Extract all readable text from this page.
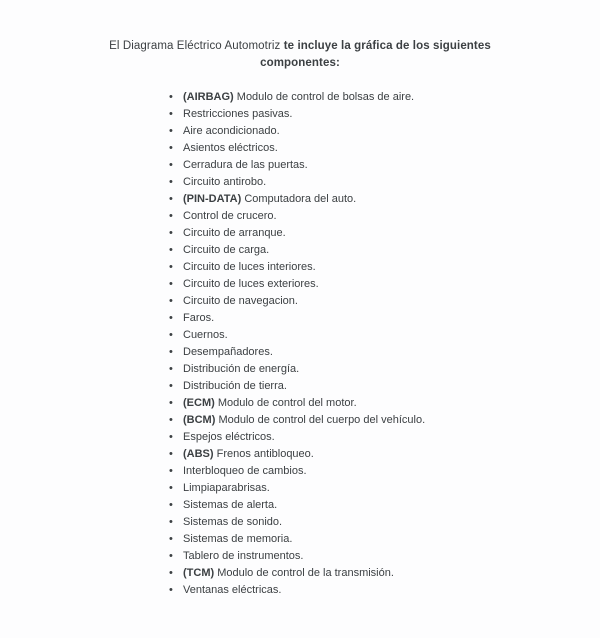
El Diagrama Eléctrico Automotriz te incluye la gráfica de los siguientes componentes:

• (AIRBAG) Modulo de control de bolsas de aire.
• Restricciones pasivas.
• Aire acondicionado.
• Asientos eléctricos.
• Cerradura de las puertas.
• Circuito antirobo.
• (PIN-DATA) Computadora del auto.
• Control de crucero.
• Circuito de arranque.
• Circuito de carga.
• Circuito de luces interiores.
• Circuito de luces exteriores.
• Circuito de navegacion.
• Faros.
• Cuernos.
• Desempañadores.
• Distribución de energía.
• Distribución de tierra.
• (ECM) Modulo de control del motor.
• (BCM) Modulo de control del cuerpo del vehículo.
• Espejos eléctricos.
• (ABS) Frenos antibloqueo.
• Interbloqueo de cambios.
• Limpiaparabrisas.
• Sistemas de alerta.
• Sistemas de sonido.
• Sistemas de memoria.
• Tablero de instrumentos.
• (TCM) Modulo de control de la transmisión.
• Ventanas eléctricas.
